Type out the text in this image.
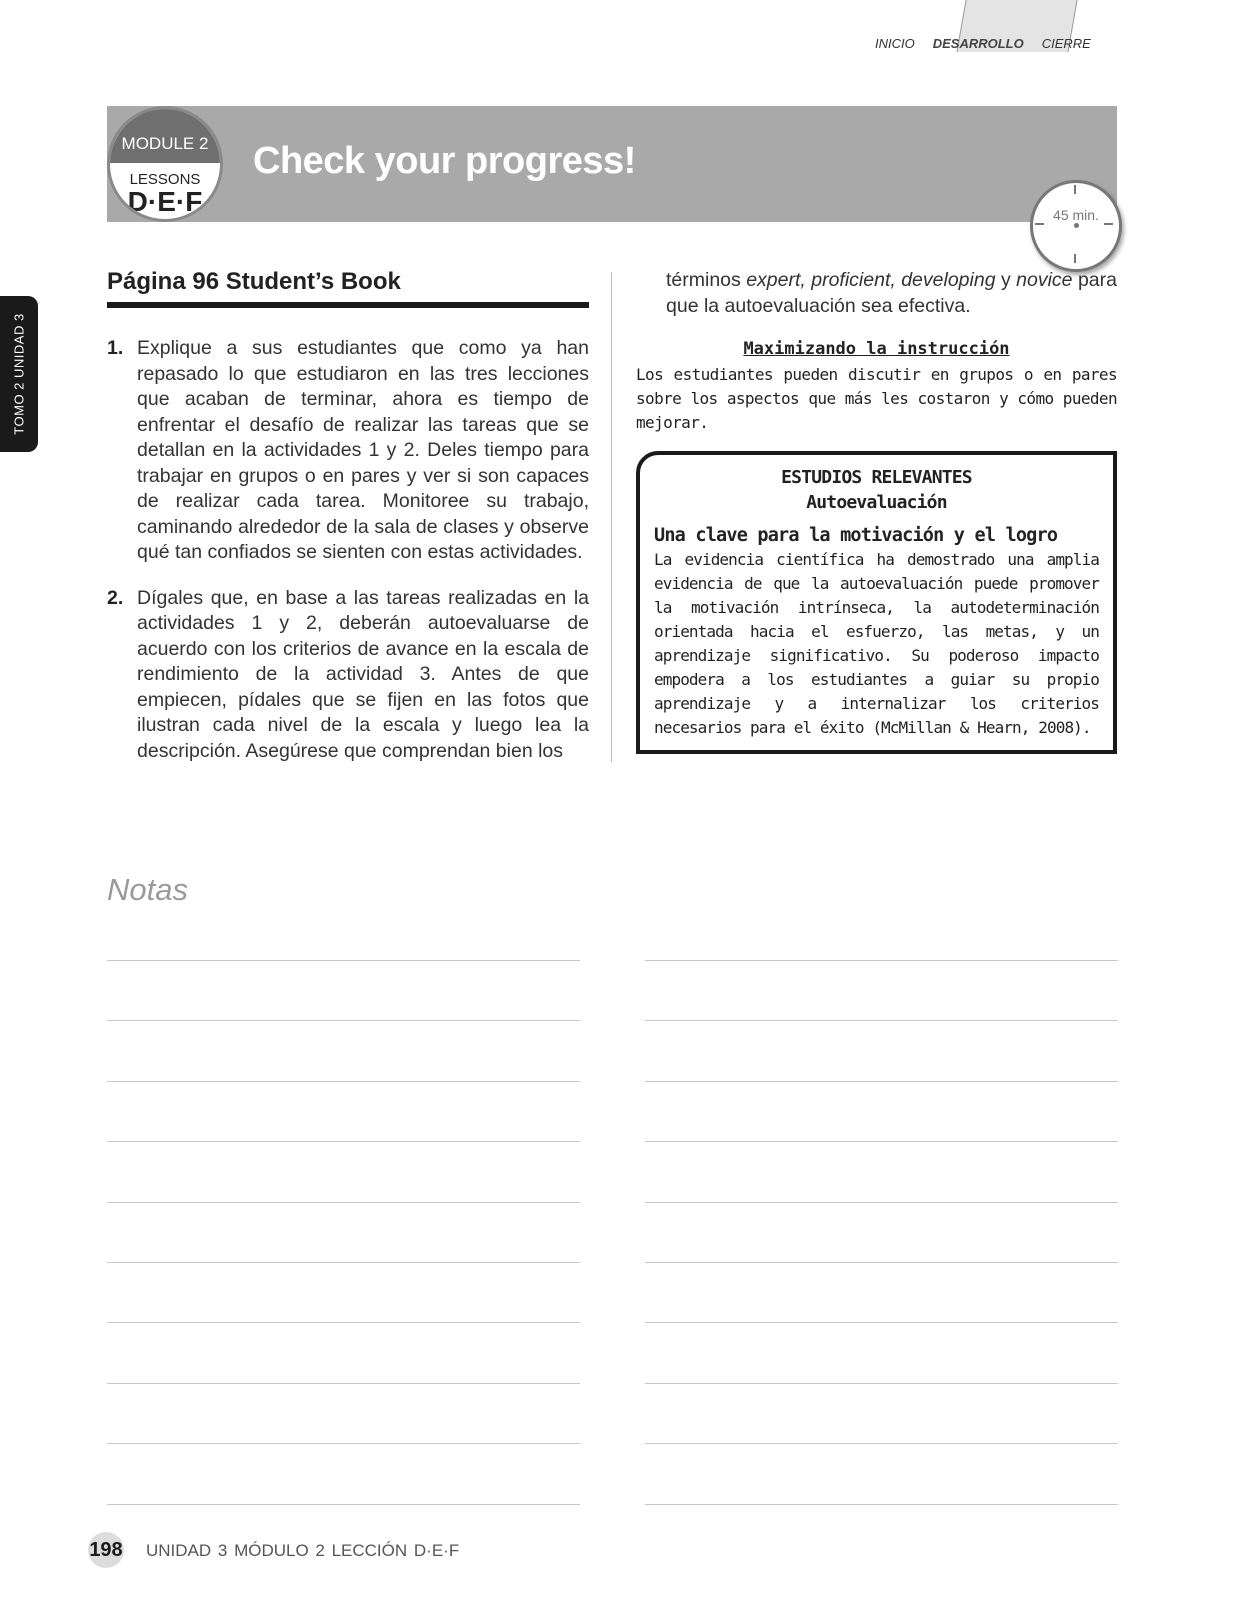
INICIO DESARROLLO CIERRE
TOMO 2 UNIDAD 3
Check your progress!
MODULE 2
LESSONS
D·E·F	45 min.
Página 96 Student’s Book
1. Explique a sus estudiantes que como ya han repasado lo que estudiaron en las tres lecciones que acaban de terminar, ahora es tiempo de enfrentar el desafío de realizar las tareas que se detallan en la actividades 1 y 2. Deles tiempo para trabajar en grupos o en pares y ver si son capaces de realizar cada tarea. Monitoree su trabajo, caminando alrededor de la sala de clases y observe qué tan confiados se sienten con estas actividades.
2. Dígales que, en base a las tareas realizadas en la actividades 1 y 2, deberán autoevaluarse de acuerdo con los criterios de avance en la escala de rendimiento de la actividad 3. Antes de que empiecen, pídales que se fijen en las fotos que ilustran cada nivel de la escala y luego lea la descripción. Asegúrese que comprendan bien los

términos expert, proficient, developing y novice para que la autoevaluación sea efectiva.

Maximizando la instrucción
Los estudiantes pueden discutir en grupos o en pares sobre los aspectos que más les costaron y cómo pueden mejorar.
ESTUDIOS RELEVANTES
Autoevaluación
Una clave para la motivación y el logro
La evidencia científica ha demostrado una amplia evidencia de que la autoevaluación puede promover la motivación intrínseca, la autodeterminación orientada hacia el esfuerzo, las metas, y un aprendizaje significativo. Su poderoso impacto empodera a los estudiantes a guiar su propio aprendizaje y a internalizar los criterios necesarios para el éxito (McMillan & Hearn, 2008).
Notas
198 UNIDAD 3 MÓDULO 2 LECCIÓN D·E·F
